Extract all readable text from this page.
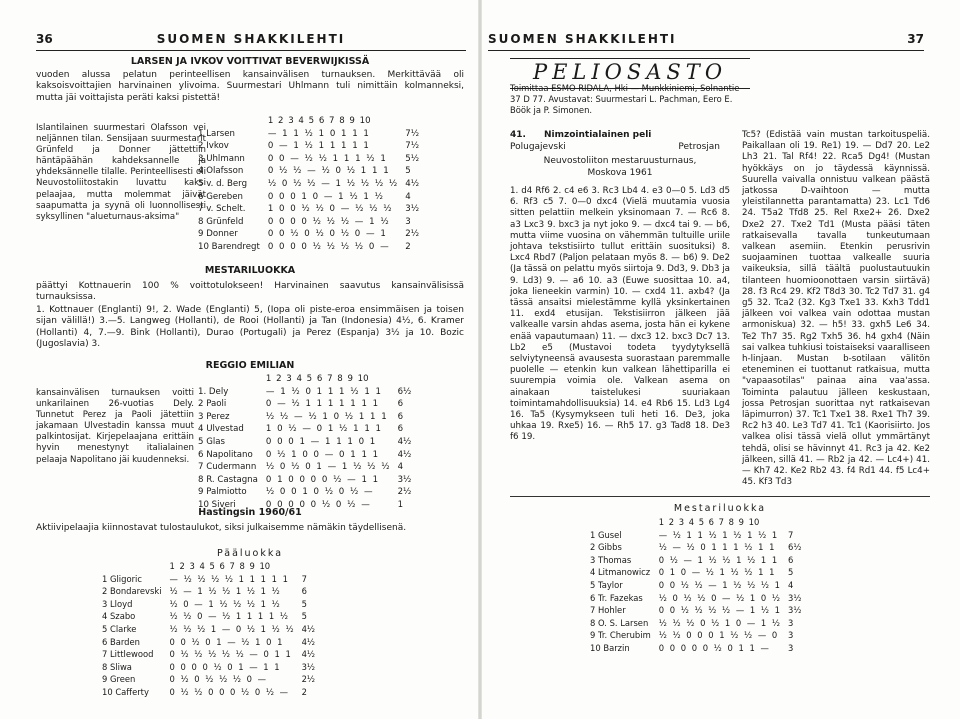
36	SUOMEN SHAKKILEHTI
LARSEN JA IVKOV VOITTIVAT BEVERWIJKISSÄ
vuoden alussa pelatun perinteellisen kansainvälisen turnauksen. Merkittävää oli kaksoisvoittajien harvinainen ylivoima. Suurmestari Uhlmann tuli nimittäin kolmanneksi, mutta jäi voittajista peräti kaksi pistettä!
Islantilainen suurmestari Olafsson vei neljännen tilan. Sensijaan suurmestarit Grünfeld ja Donner jättettiin häntäpäähän kahdeksannelle ja yhdeksännelle tilalle. Perinteellisesti oli Neuvostoliitostakin luvattu kaksi pelaajaa, mutta molemmat jäivät saapumatta ja syynä oli luonnollisesti syksyllinen "alueturnaus-aksima"
	1 2 3 4 5 6 7 8 9 10	
1 Larsen	— 1 1 ½ 1 0 1 1 1	7½
2 Ivkov	0 — 1 ½ 1 1 1 1 1	7½
3 Uhlmann	0 0 — ½ ½ 1 1 1 ½ 1	5½
4 Olafsson	0 ½ ½ — ½ 0 ½ 1 1 1	5
5 v. d. Berg	½ 0 ½ ½ — 1 ½ ½ ½ ½	4½
6 Gereben	0 0 0 1 0 — 1 ½ 1 ½	4
7 v. Schelt.	1 0 0 ½ ½ 0 — ½ ½ ½	3½
8 Grünfeld	0 0 0 0 ½ ½ ½ — 1 ½	3
9 Donner	0 0 ½ 0 ½ 0 ½ 0 — 1	2½
10 Barendregt	0 0 0 0 ½ ½ ½ ½ 0 —	2
MESTARILUOKKA
päättyi Kottnauerin 100 % voittotulokseen! Harvinainen saavutus kansainvälisissä turnauksissa.
1. Kottnauer (Englanti) 9!, 2. Wade (Englanti) 5, (Iopa oli piste-eroa ensimmäisen ja toisen sijan välillä!) 3.—5. Langweg (Hollanti), de Rooi (Hollanti) ja Tan (Indonesia) 4½, 6. Kramer (Hollanti) 4, 7.—9. Bink (Hollanti), Durao (Portugali) ja Perez (Espanja) 3½ ja 10. Bozic (Jugoslavia) 3.
REGGIO EMILIAN
kansainvälisen turnauksen voitti unkarilainen 26-vuotias Dely. Tunnetut Perez ja Paoli jätettiin jakamaan Ulvestadin kanssa muut palkintosijat. Kirjepelaajana erittäin hyvin menestynyt italialainen pelaaja Napolitano jäi kuudenneksi.
	1 2 3 4 5 6 7 8 9 10	
1. Dely	— 1 ½ 0 1 1 1 ½ 1 1	6½
2 Paoli	0 — ½ 1 1 1 1 1 1 1	6
3 Perez	½ ½ — ½ 1 0 ½ 1 1 1	6
4 Ulvestad	1 0 ½ — 0 1 ½ 1 1 1	6
5 Glas	0 0 0 1 — 1 1 1 0 1	4½
6 Napolitano	0 ½ 1 0 0 — 0 1 1 1	4½
7 Cudermann	½ 0 ½ 0 1 — 1 ½ ½ ½	4
8 R. Castagna	0 1 0 0 0 0 ½ — 1 1	3½
9 Palmiotto	½ 0 0 1 0 ½ 0 ½ —	2½
10 Siveri	0 0 0 0 0 ½ 0 ½ —	1
Hastingsin 1960/61
Aktiivipelaajia kiinnostavat tulostaulukot, siksi julkaisemme nämäkin täydellisenä.
Pääluokka
	1 2 3 4 5 6 7 8 9 10	
1 Gligoric	— ½ ½ ½ ½ 1 1 1 1 1	7
2 Bondarevski	½ — 1 ½ ½ 1 ½ 1 ½	6
3 Lloyd	½ 0 — 1 ½ ½ ½ 1 ½	5
4 Szabo	½ ½ 0 — ½ 1 1 1 1 ½	5
5 Clarke	½ ½ ½ 1 — 0 ½ 1 ½ ½	4½
6 Barden	0 0 ½ 0 1 — ½ 1 0 1	4½
7 Littlewood	0 ½ ½ ½ ½ ½ — 0 1 1	4½
8 Sliwa	0 0 0 0 ½ 0 1 — 1 1	3½
9 Green	0 ½ 0 ½ ½ ½ 0 —	2½
10 Cafferty	0 ½ ½ 0 0 0 ½ 0 ½ —	2
SUOMEN SHAKKILEHTI	37
PELIOSASTO
Toimittaa ESMO RIDALA, Hki — Munkkiniemi, Solnantie 37 D 77. Avustavat: Suurmestari L. Pachman, Eero E. Böök ja P. Simonen.
41.	Nimzointialainen peli
Polugajevski	Petrosjan
Neuvostoliiton mestaruusturnaus,
Moskova 1961
1. d4 Rf6 2. c4 e6 3. Rc3 Lb4 4. e3 0—0 5. Ld3 d5 6. Rf3 c5 7. 0—0 dxc4 (Vielä muutamia vuosia sitten pelattiin melkein yksinomaan 7. — Rc6 8. a3 Lxc3 9. bxc3 ja nyt joko 9. — dxc4 tai 9. — b6, mutta viime vuosina on vähemmän tultuille uriile johtava tekstisiirto tullut erittäin suosituksi) 8. Lxc4 Rbd7 (Paljon pelataan myös 8. — b6) 9. De2 (Ja tässä on pelattu myös siirtoja 9. Dd3, 9. Db3 ja 9. Ld3) 9. — a6 10. a3 (Euwe suosittaa 10. a4, joka lieneekin varmin) 10. — cxd4 11. axb4? (Ja tässä ansaitsi mielestämme kyllä yksinkertainen 11. exd4 etusijan. Tekstisiirron jälkeen jää valkealle varsin ahdas asema, josta hän ei kykene enää vapautumaan) 11. — dxc3 12. bxc3 Dc7 13. Lb2 e5 (Mustavoi todeta tyydytyksellä selviytyneensä avausesta suorastaan paremmalle puolelle — etenkin kun valkean lähettiparilla ei suurempia voimia ole. Valkean asema on ainakaan taistelukesi suuriakaan toimintamahdollisuuksia) 14. e4 Rb6 15. Ld3 Lg4 16. Ta5 (Kysymykseen tuli heti 16. De3, joka uhkaa 19. Rxe5) 16. — Rh5 17. g3 Tad8 18. De3 f6 19.
Tc5? (Edistää vain mustan tarkoituspeliä. Paikallaan oli 19. Re1) 19. — Dd7 20. Le2 Lh3 21. Tal Rf4! 22. Rca5 Dg4! (Mustan hyökkäys on jo täydessä käynnissä. Suurella vaivalla onnistuu valkean päästä jatkossa D-vaihtoon — mutta yleistilannetta parantamatta) 23. Lc1 Td6 24. T5a2 Tfd8 25. Rel Rxe2+ 26. Dxe2 Dxe2 27. Txe2 Td1 (Musta pääsi täten ratkaisevalla tavalla tunkeutumaan valkean asemiin. Etenkin perusrivin suojaaminen tuottaa valkealle suuria vaikeuksia, sillä täältä puolustautuukin tilanteen huomioonottaen varsin siirtävä) 28. f3 Rc4 29. Kf2 T8d3 30. Tc2 Td7 31. g4 g5 32. Tca2 (32. Kg3 Txe1 33. Kxh3 Tdd1 jälkeen voi valkea vain odottaa mustan armoniskua) 32. — h5! 33. gxh5 Le6 34. Te2 Th7 35. Rg2 Txh5 36. h4 gxh4 (Näin sai valkea tuhkiusi toistaiseksi vaaralliseen h-linjaan. Mustan b-sotilaan välitön eteneminen ei tuottanut ratkaisua, mutta "vapaasotilas" painaa aina vaa'assa. Toiminta palautuu jälleen keskustaan, jossa Petrosjan suorittaa nyt ratkaisevan läpimurron) 37. Tc1 Txe1 38. Rxe1 Th7 39. Rc2 h3 40. Le3 Td7 41. Tc1 (Kaorisiirto. Jos valkea olisi tässä vielä ollut ymmärtänyt tehdä, olisi se hävinnyt 41. Rc3 ja 42. Ke2 jälkeen, sillä 41. — Rb2 ja 42. — Lc4+) 41. — Kh7 42. Ke2 Rb2 43. f4 Rd1 44. f5 Lc4+ 45. Kf3 Td3
Mestariluokka
	1 2 3 4 5 6 7 8 9 10	
1 Gusel	— ½ 1 1 ½ 1 ½ 1 ½ 1	7
2 Gibbs	½ — ½ 0 1 1 1 ½ 1 1	6½
3 Thomas	0 ½ — 1 ½ ½ 1 ½ 1 1	6
4 Litmanowicz	0 1 0 — ½ 1 ½ ½ 1 1	5
5 Taylor	0 0 ½ ½ — 1 ½ ½ ½ 1	4
6 Tr. Fazekas	½ 0 ½ ½ 0 — ½ 1 0 ½	3½
7 Hohler	0 0 ½ ½ ½ ½ — 1 ½ 1	3½
8 O. S. Larsen	½ ½ ½ 0 ½ 1 0 — 1 ½	3
9 Tr. Cherubim	½ ½ 0 0 0 1 ½ ½ — 0	3
10 Barzin	0 0 0 0 0 ½ 0 1 1 —	3
